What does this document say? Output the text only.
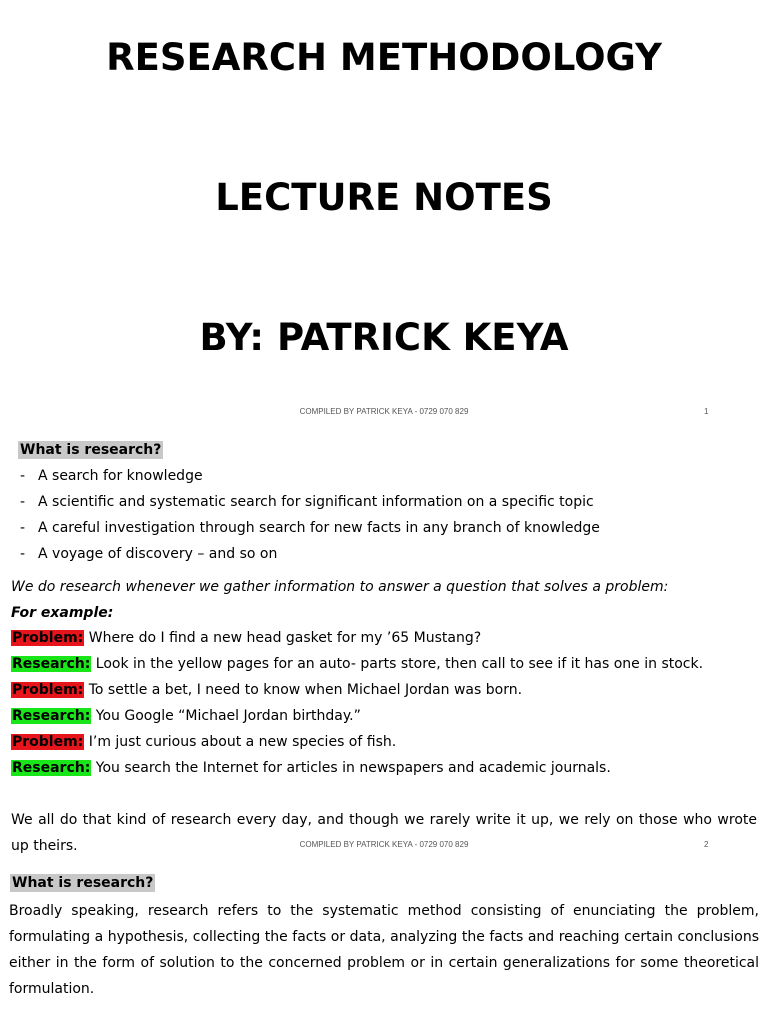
RESEARCH METHODOLOGY
LECTURE NOTES
BY: PATRICK KEYA
COMPILED BY PATRICK KEYA - 0729 070 829	1
What is research?
- A search for knowledge
- A scientific and systematic search for significant information on a specific topic
- A careful investigation through search for new facts in any branch of knowledge
- A voyage of discovery – and so on
We do research whenever we gather information to answer a question that solves a problem:
For example:
Problem: Where do I find a new head gasket for my ’65 Mustang?
Research: Look in the yellow pages for an auto- parts store, then call to see if it has one in stock.
Problem: To settle a bet, I need to know when Michael Jordan was born.
Research: You Google “Michael Jordan birthday.”
Problem: I’m just curious about a new species of fish.
Research: You search the Internet for articles in newspapers and academic journals.
We all do that kind of research every day, and though we rarely write it up, we rely on those who wrote up theirs.	COMPILED BY PATRICK KEYA - 0729 070 829	2
What is research?
Broadly speaking, research refers to the systematic method consisting of enunciating the problem, formulating a hypothesis, collecting the facts or data, analyzing the facts and reaching certain conclusions either in the form of solution to the concerned problem or in certain generalizations for some theoretical formulation.
